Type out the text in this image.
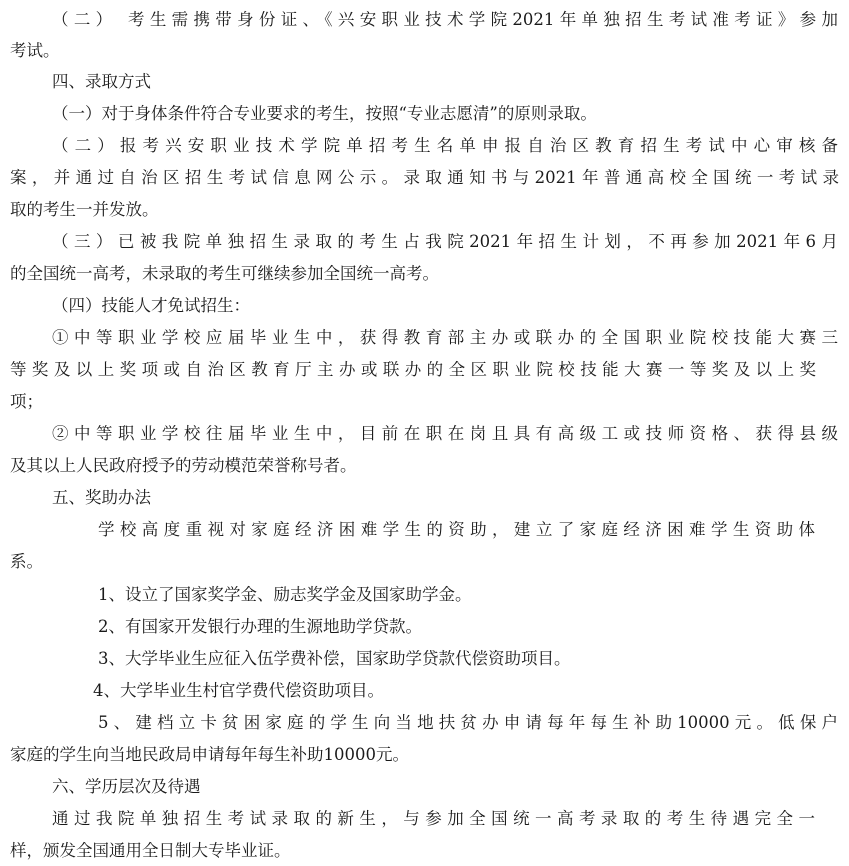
（二） 考生需携带身份证、《兴安职业技术学院2021年单独招生考试准考证》参加
考试。
四、录取方式
（一）对于身体条件符合专业要求的考生，按照“专业志愿清”的原则录取。
（二）报考兴安职业技术学院单招考生名单申报自治区教育招生考试中心审核备
案，并通过自治区招生考试信息网公示。录取通知书与2021年普通高校全国统一考试录
取的考生一并发放。
（三）已被我院单独招生录取的考生占我院2021年招生计划，不再参加2021年6月
的全国统一高考，未录取的考生可继续参加全国统一高考。
（四）技能人才免试招生：
①中等职业学校应届毕业生中，获得教育部主办或联办的全国职业院校技能大赛三
等奖及以上奖项或自治区教育厅主办或联办的全区职业院校技能大赛一等奖及以上奖
项；
②中等职业学校往届毕业生中，目前在职在岗且具有高级工或技师资格、获得县级
及其以上人民政府授予的劳动模范荣誉称号者。
五、奖助办法
学校高度重视对家庭经济困难学生的资助，建立了家庭经济困难学生资助体
系。
1、设立了国家奖学金、励志奖学金及国家助学金。
2、有国家开发银行办理的生源地助学贷款。
3、大学毕业生应征入伍学费补偿，国家助学贷款代偿资助项目。
4、大学毕业生村官学费代偿资助项目。
5、建档立卡贫困家庭的学生向当地扶贫办申请每年每生补助10000元。低保户
家庭的学生向当地民政局申请每年每生补助10000元。
六、学历层次及待遇
通过我院单独招生考试录取的新生，与参加全国统一高考录取的考生待遇完全一
样，颁发全国通用全日制大专毕业证。
